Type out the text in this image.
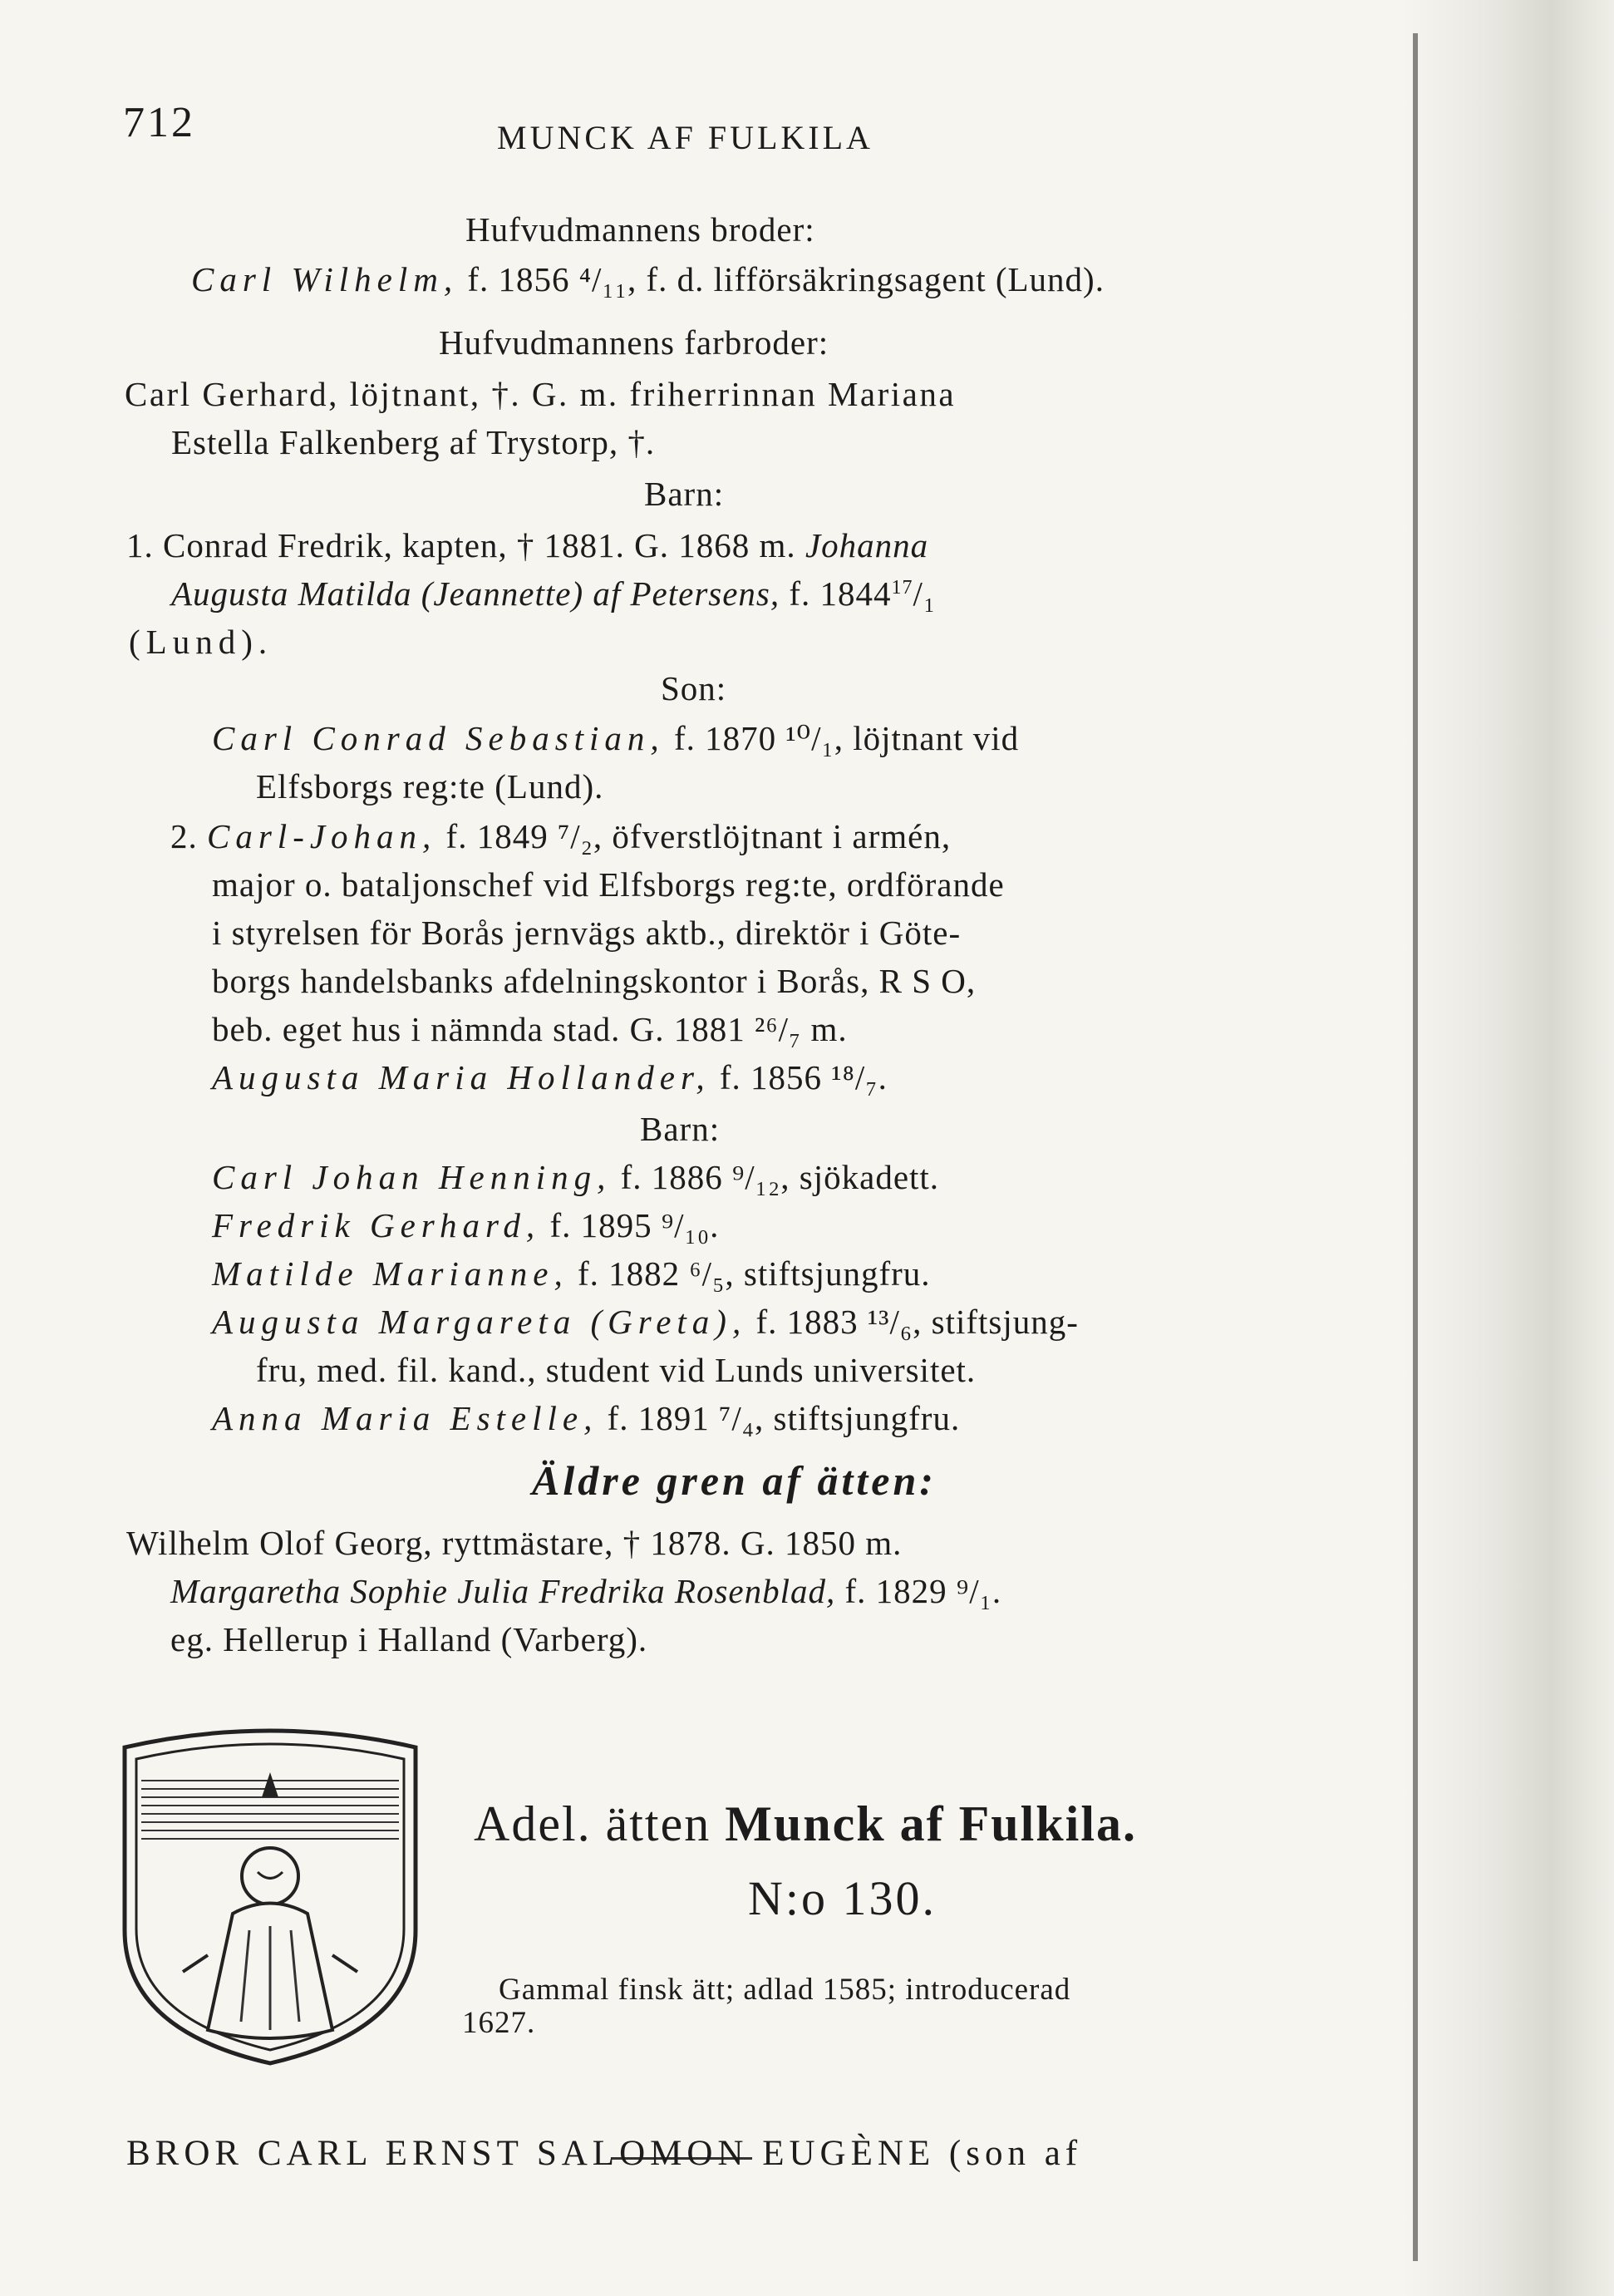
712	MUNCK AF FULKILA
Hufvudmannens broder:
Carl Wilhelm, f. 1856 ⁴/₁₁, f. d. lifförsäkringsagent (Lund).
Hufvudmannens farbroder:
Carl Gerhard, löjtnant, †. G. m. friherrinnan Mariana
Estella Falkenberg af Trystorp, †.
Barn:
1. Conrad Fredrik, kapten, † 1881. G. 1868 m. Johanna
Augusta Matilda (Jeannette) af Petersens, f. 1844$^{17}$/₁
(Lund).
Son:
Carl Conrad Sebastian, f. 1870 ¹⁰/₁, löjtnant vid
Elfsborgs reg:te (Lund).
2. Carl-Johan, f. 1849 ⁷/₂, öfverstlöjtnant i armén,
major o. bataljonschef vid Elfsborgs reg:te, ordförande
i styrelsen för Borås jernvägs aktb., direktör i Göte-
borgs handelsbanks afdelningskontor i Borås, R S O,
beb. eget hus i nämnda stad. G. 1881 ²⁶/₇ m.
Augusta Maria Hollander, f. 1856 ¹⁸/₇.
Barn:
Carl Johan Henning, f. 1886 ⁹/₁₂, sjökadett.
Fredrik Gerhard, f. 1895 ⁹/₁₀.
Matilde Marianne, f. 1882 ⁶/₅, stiftsjungfru.
Augusta Margareta (Greta), f. 1883 ¹³/₆, stiftsjung-
fru, med. fil. kand., student vid Lunds universitet.
Anna Maria Estelle, f. 1891 ⁷/₄, stiftsjungfru.
Äldre gren af ätten:
Wilhelm Olof Georg, ryttmästare, † 1878. G. 1850 m.
Margaretha Sophie Julia Fredrika Rosenblad, f. 1829 ⁹/₁.
eg. Hellerup i Halland (Varberg).
Adel. ätten Munck af Fulkila.
N:o 130.
Gammal finsk ätt; adlad 1585; introducerad
1627.
BROR CARL ERNST SALOMON EUGÈNE (son af
